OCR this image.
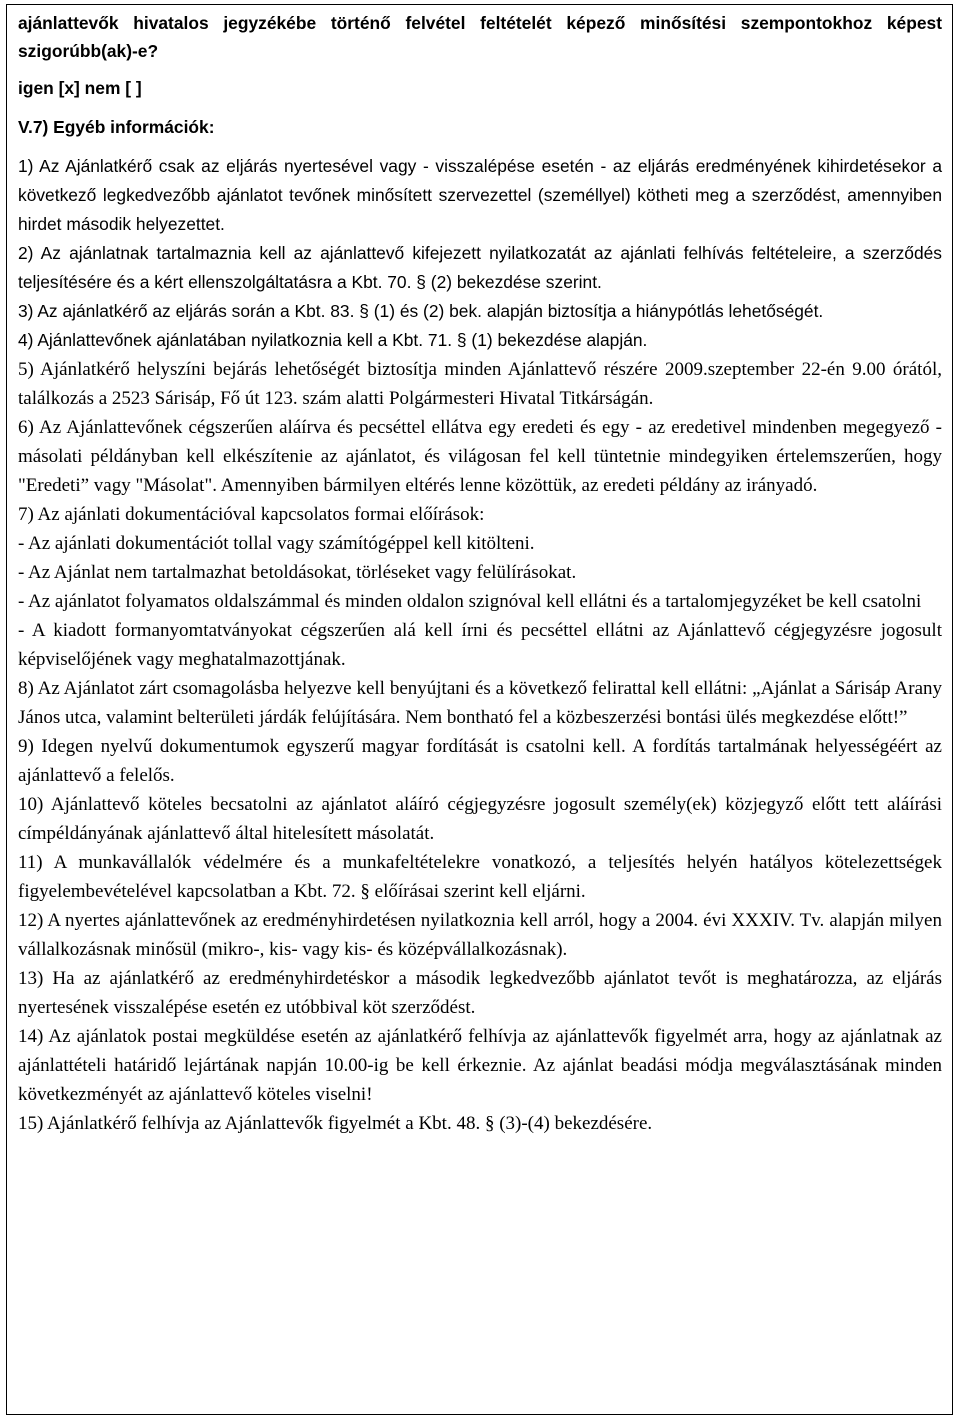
ajánlattevők hivatalos jegyzékébe történő felvétel feltételét képező minősítési szempontokhoz képest szigorúbb(ak)-e?
igen [x] nem [ ]
V.7) Egyéb információk:

1) Az Ajánlatkérő csak az eljárás nyertesével vagy - visszalépése esetén - az eljárás eredményének kihirdetésekor a következő legkedvezőbb ajánlatot tevőnek minősített szervezettel (személlyel) kötheti meg a szerződést, amennyiben hirdet második helyezettet.

2) Az ajánlatnak tartalmaznia kell az ajánlattevő kifejezett nyilatkozatát az ajánlati felhívás feltételeire, a szerződés teljesítésére és a kért ellenszolgáltatásra a Kbt. 70. § (2) bekezdése szerint.

3) Az ajánlatkérő az eljárás során a Kbt. 83. § (1) és (2) bek. alapján biztosítja a hiánypótlás lehetőségét.

4) Ajánlattevőnek ajánlatában nyilatkoznia kell a Kbt. 71. § (1) bekezdése alapján.

5) Ajánlatkérő helyszíni bejárás lehetőségét biztosítja minden Ajánlattevő részére 2009.szeptember 22-én 9.00 órától, találkozás a 2523 Sárisáp, Fő út 123. szám alatti Polgármesteri Hivatal Titkárságán.

6) Az Ajánlattevőnek cégszerűen aláírva és pecséttel ellátva egy eredeti és egy - az eredetivel mindenben megegyező - másolati példányban kell elkészítenie az ajánlatot, és világosan fel kell tüntetnie mindegyiken értelemszerűen, hogy "Eredeti” vagy "Másolat". Amennyiben bármilyen eltérés lenne közöttük, az eredeti példány az irányadó.

7) Az ajánlati dokumentációval kapcsolatos formai előírások:

- Az ajánlati dokumentációt tollal vagy számítógéppel kell kitölteni.

- Az Ajánlat nem tartalmazhat betoldásokat, törléseket vagy felülírásokat.

- Az ajánlatot folyamatos oldalszámmal és minden oldalon szignóval kell ellátni és a tartalomjegyzéket be kell csatolni

- A kiadott formanyomtatványokat cégszerűen alá kell írni és pecséttel ellátni az Ajánlattevő cégjegyzésre jogosult képviselőjének vagy meghatalmazottjának.

8) Az Ajánlatot zárt csomagolásba helyezve kell benyújtani és a következő felirattal kell ellátni: „Ajánlat a Sárisáp Arany János utca, valamint belterületi járdák felújítására. Nem bontható fel a közbeszerzési bontási ülés megkezdése előtt!”

9) Idegen nyelvű dokumentumok egyszerű magyar fordítását is csatolni kell. A fordítás tartalmának helyességéért az ajánlattevő a felelős.

10) Ajánlattevő köteles becsatolni az ajánlatot aláíró cégjegyzésre jogosult személy(ek) közjegyző előtt tett aláírási címpéldányának ajánlattevő által hitelesített másolatát.

11) A munkavállalók védelmére és a munkafeltételekre vonatkozó, a teljesítés helyén hatályos kötelezettségek figyelembevételével kapcsolatban a Kbt. 72. § előírásai szerint kell eljárni.

12) A nyertes ajánlattevőnek az eredményhirdetésen nyilatkoznia kell arról, hogy a 2004. évi XXXIV. Tv. alapján milyen vállalkozásnak minősül (mikro-, kis- vagy kis- és középvállalkozásnak).

13) Ha az ajánlatkérő az eredményhirdetéskor a második legkedvezőbb ajánlatot tevőt is meghatározza, az eljárás nyertesének visszalépése esetén ez utóbbival köt szerződést.

14) Az ajánlatok postai megküldése esetén az ajánlatkérő felhívja az ajánlattevők figyelmét arra, hogy az ajánlatnak az ajánlattételi határidő lejártának napján 10.00-ig be kell érkeznie. Az ajánlat beadási módja megválasztásának minden következményét az ajánlattevő köteles viselni!

15) Ajánlatkérő felhívja az Ajánlattevők figyelmét a Kbt. 48. § (3)-(4) bekezdésére.
